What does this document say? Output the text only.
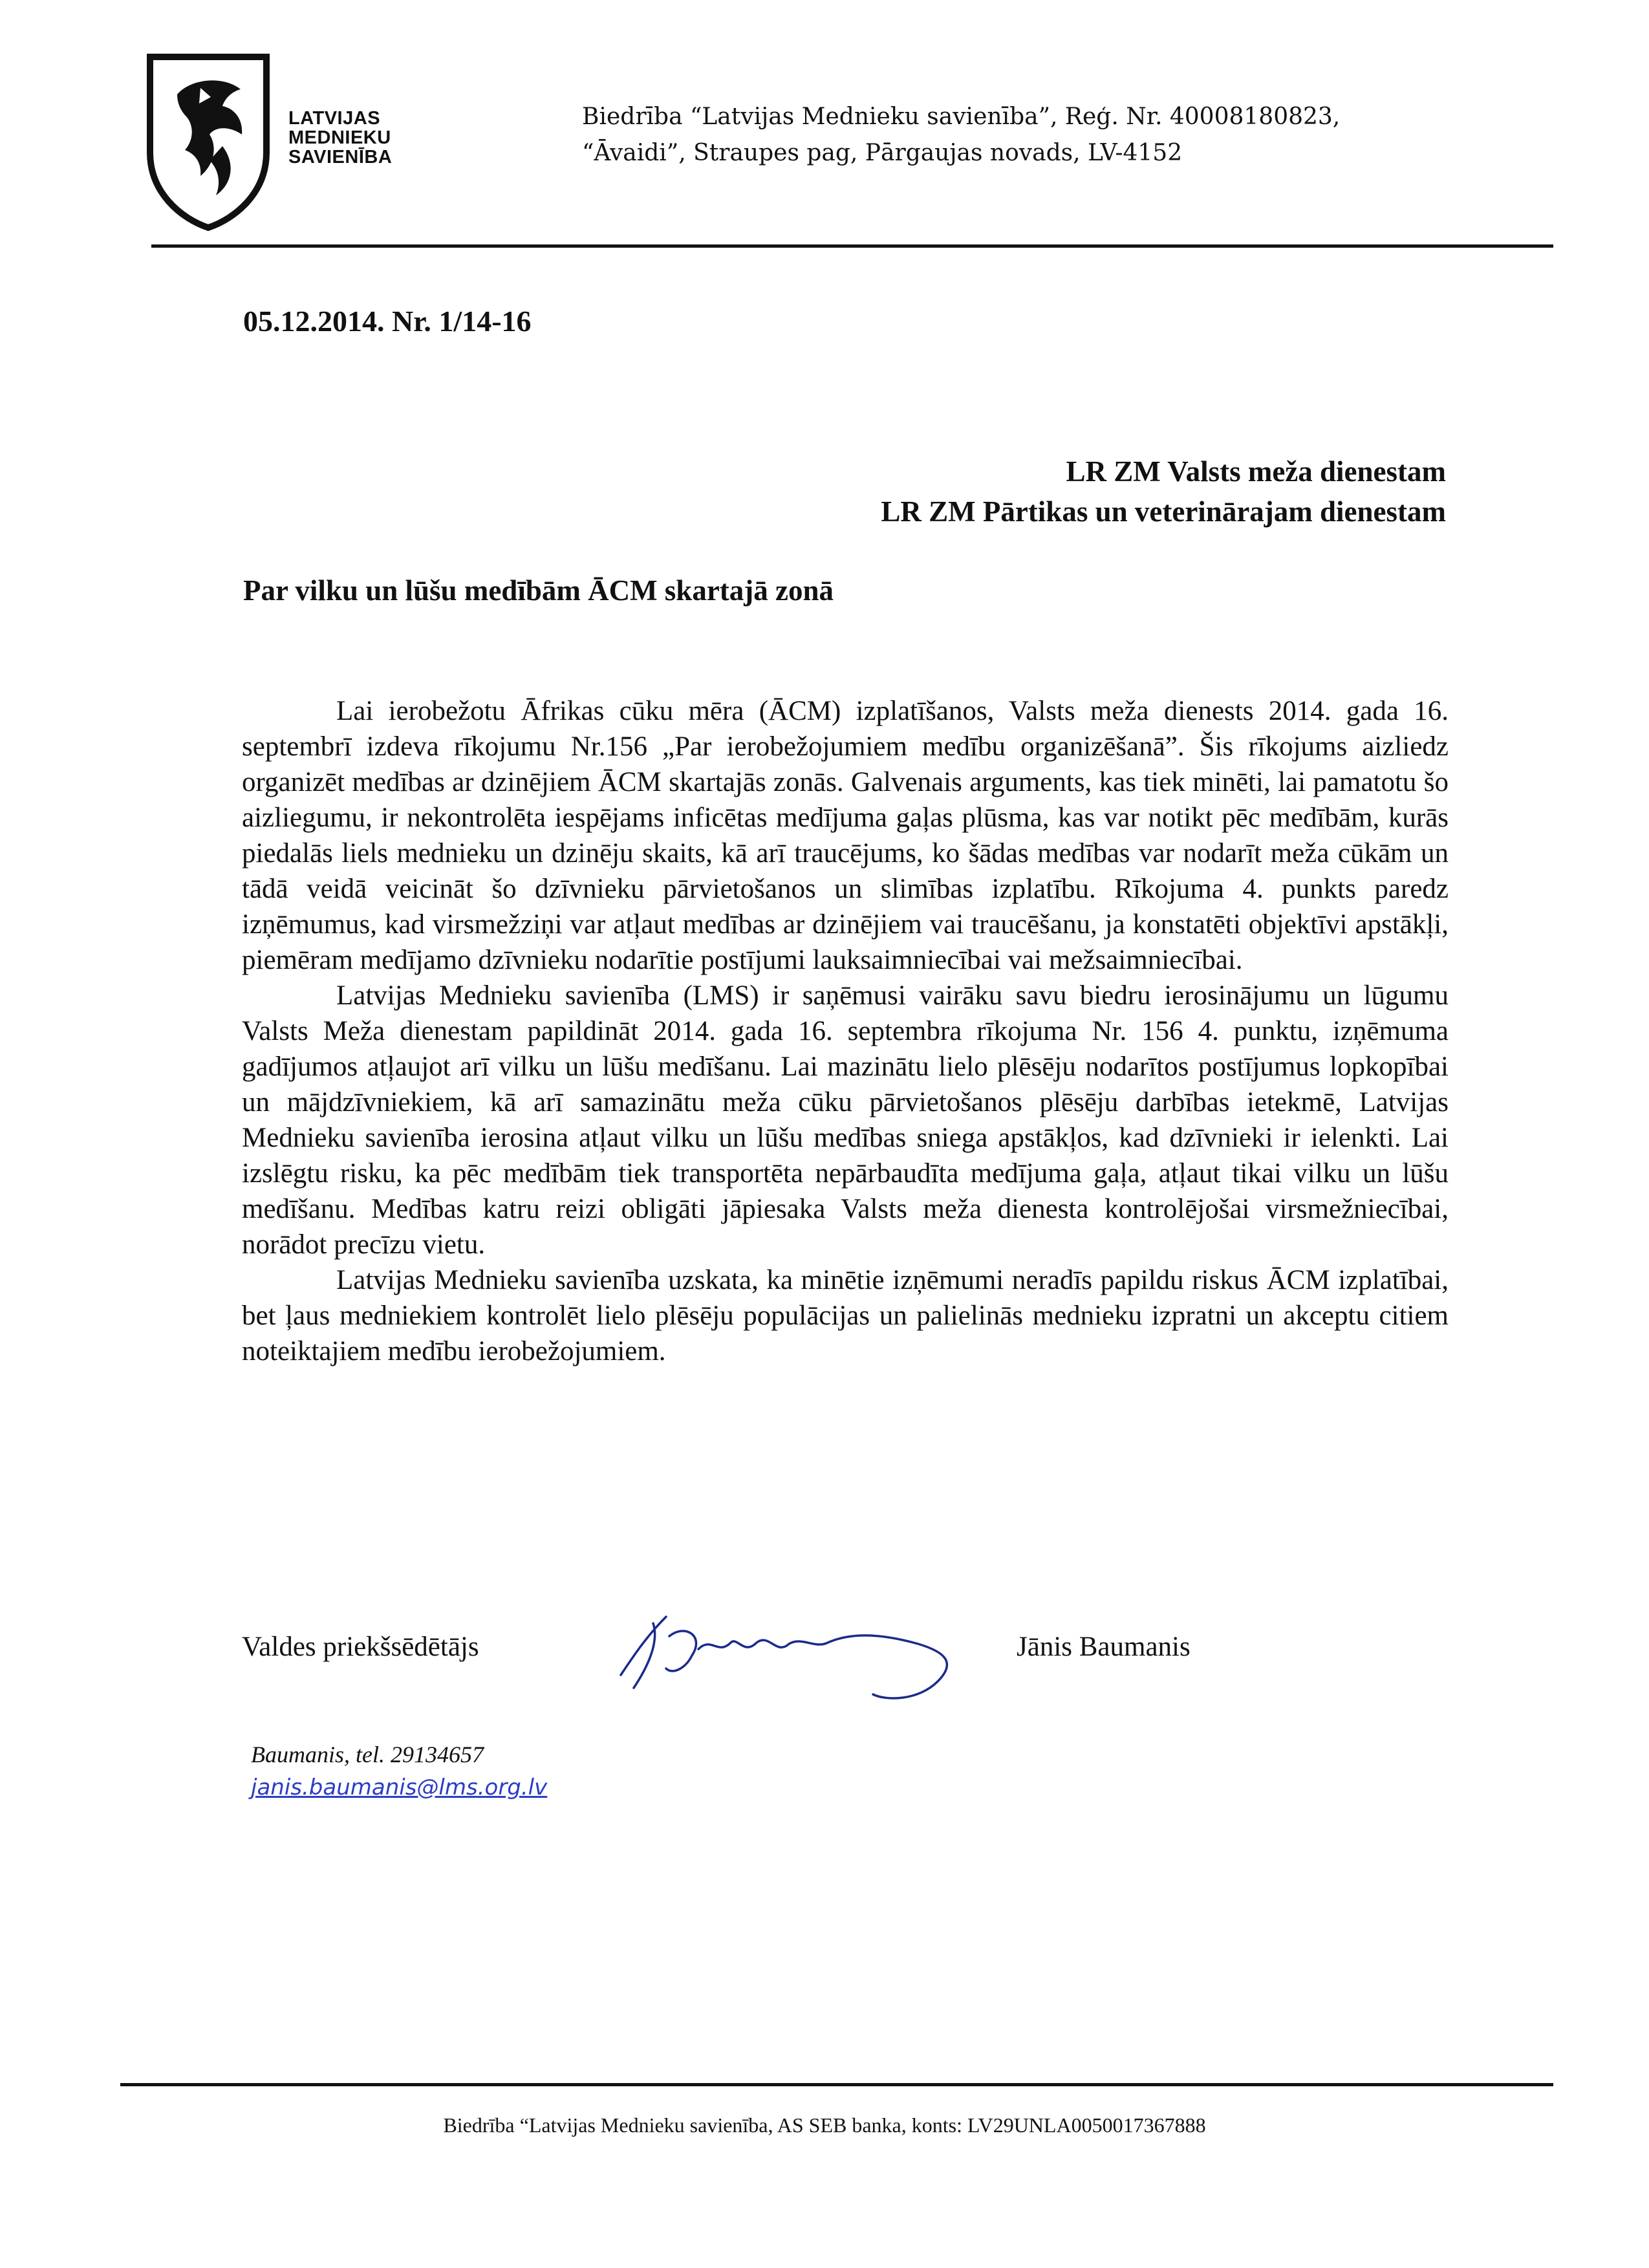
LATVIJAS
MEDNIEKU
SAVIENĪBA
Biedrība “Latvijas Mednieku savienība”, Reģ. Nr. 40008180823,
“Āvaidi”, Straupes pag, Pārgaujas novads, LV-4152
05.12.2014. Nr. 1/14-16
LR ZM Valsts meža dienestam
LR ZM Pārtikas un veterinārajam dienestam
Par vilku un lūšu medībām ĀCM skartajā zonā

Lai ierobežotu Āfrikas cūku mēra (ĀCM) izplatīšanos, Valsts meža dienests 2014. gada 16. septembrī izdeva rīkojumu Nr.156 „Par ierobežojumiem medību organizēšanā”. Šis rīkojums aizliedz organizēt medības ar dzinējiem ĀCM skartajās zonās. Galvenais arguments, kas tiek minēti, lai pamatotu šo aizliegumu, ir nekontrolēta iespējams inficētas medījuma gaļas plūsma, kas var notikt pēc medībām, kurās piedalās liels mednieku un dzinēju skaits, kā arī traucējums, ko šādas medības var nodarīt meža cūkām un tādā veidā veicināt šo dzīvnieku pārvietošanos un slimības izplatību. Rīkojuma 4. punkts paredz izņēmumus, kad virsmežziņi var atļaut medības ar dzinējiem vai traucēšanu, ja konstatēti objektīvi apstākļi, piemēram medījamo dzīvnieku nodarītie postījumi lauksaimniecībai vai mežsaimniecībai.

Latvijas Mednieku savienība (LMS) ir saņēmusi vairāku savu biedru ierosinājumu un lūgumu Valsts Meža dienestam papildināt 2014. gada 16. septembra rīkojuma Nr. 156 4. punktu, izņēmuma gadījumos atļaujot arī vilku un lūšu medīšanu. Lai mazinātu lielo plēsēju nodarītos postījumus lopkopībai un mājdzīvniekiem, kā arī samazinātu meža cūku pārvietošanos plēsēju darbības ietekmē, Latvijas Mednieku savienība ierosina atļaut vilku un lūšu medības sniega apstākļos, kad dzīvnieki ir ielenkti. Lai izslēgtu risku, ka pēc medībām tiek transportēta nepārbaudīta medījuma gaļa, atļaut tikai vilku un lūšu medīšanu. Medības katru reizi obligāti jāpiesaka Valsts meža dienesta kontrolējošai virsmežniecībai, norādot precīzu vietu.

Latvijas Mednieku savienība uzskata, ka minētie izņēmumi neradīs papildu riskus ĀCM izplatībai, bet ļaus medniekiem kontrolēt lielo plēsēju populācijas un palielinās mednieku izpratni un akceptu citiem noteiktajiem medību ierobežojumiem.

Valdes priekšsēdētājs	Jānis Baumanis
Baumanis, tel. 29134657
janis.baumanis@lms.org.lv
Biedrība “Latvijas Mednieku savienība, AS SEB banka, konts: LV29UNLA0050017367888
